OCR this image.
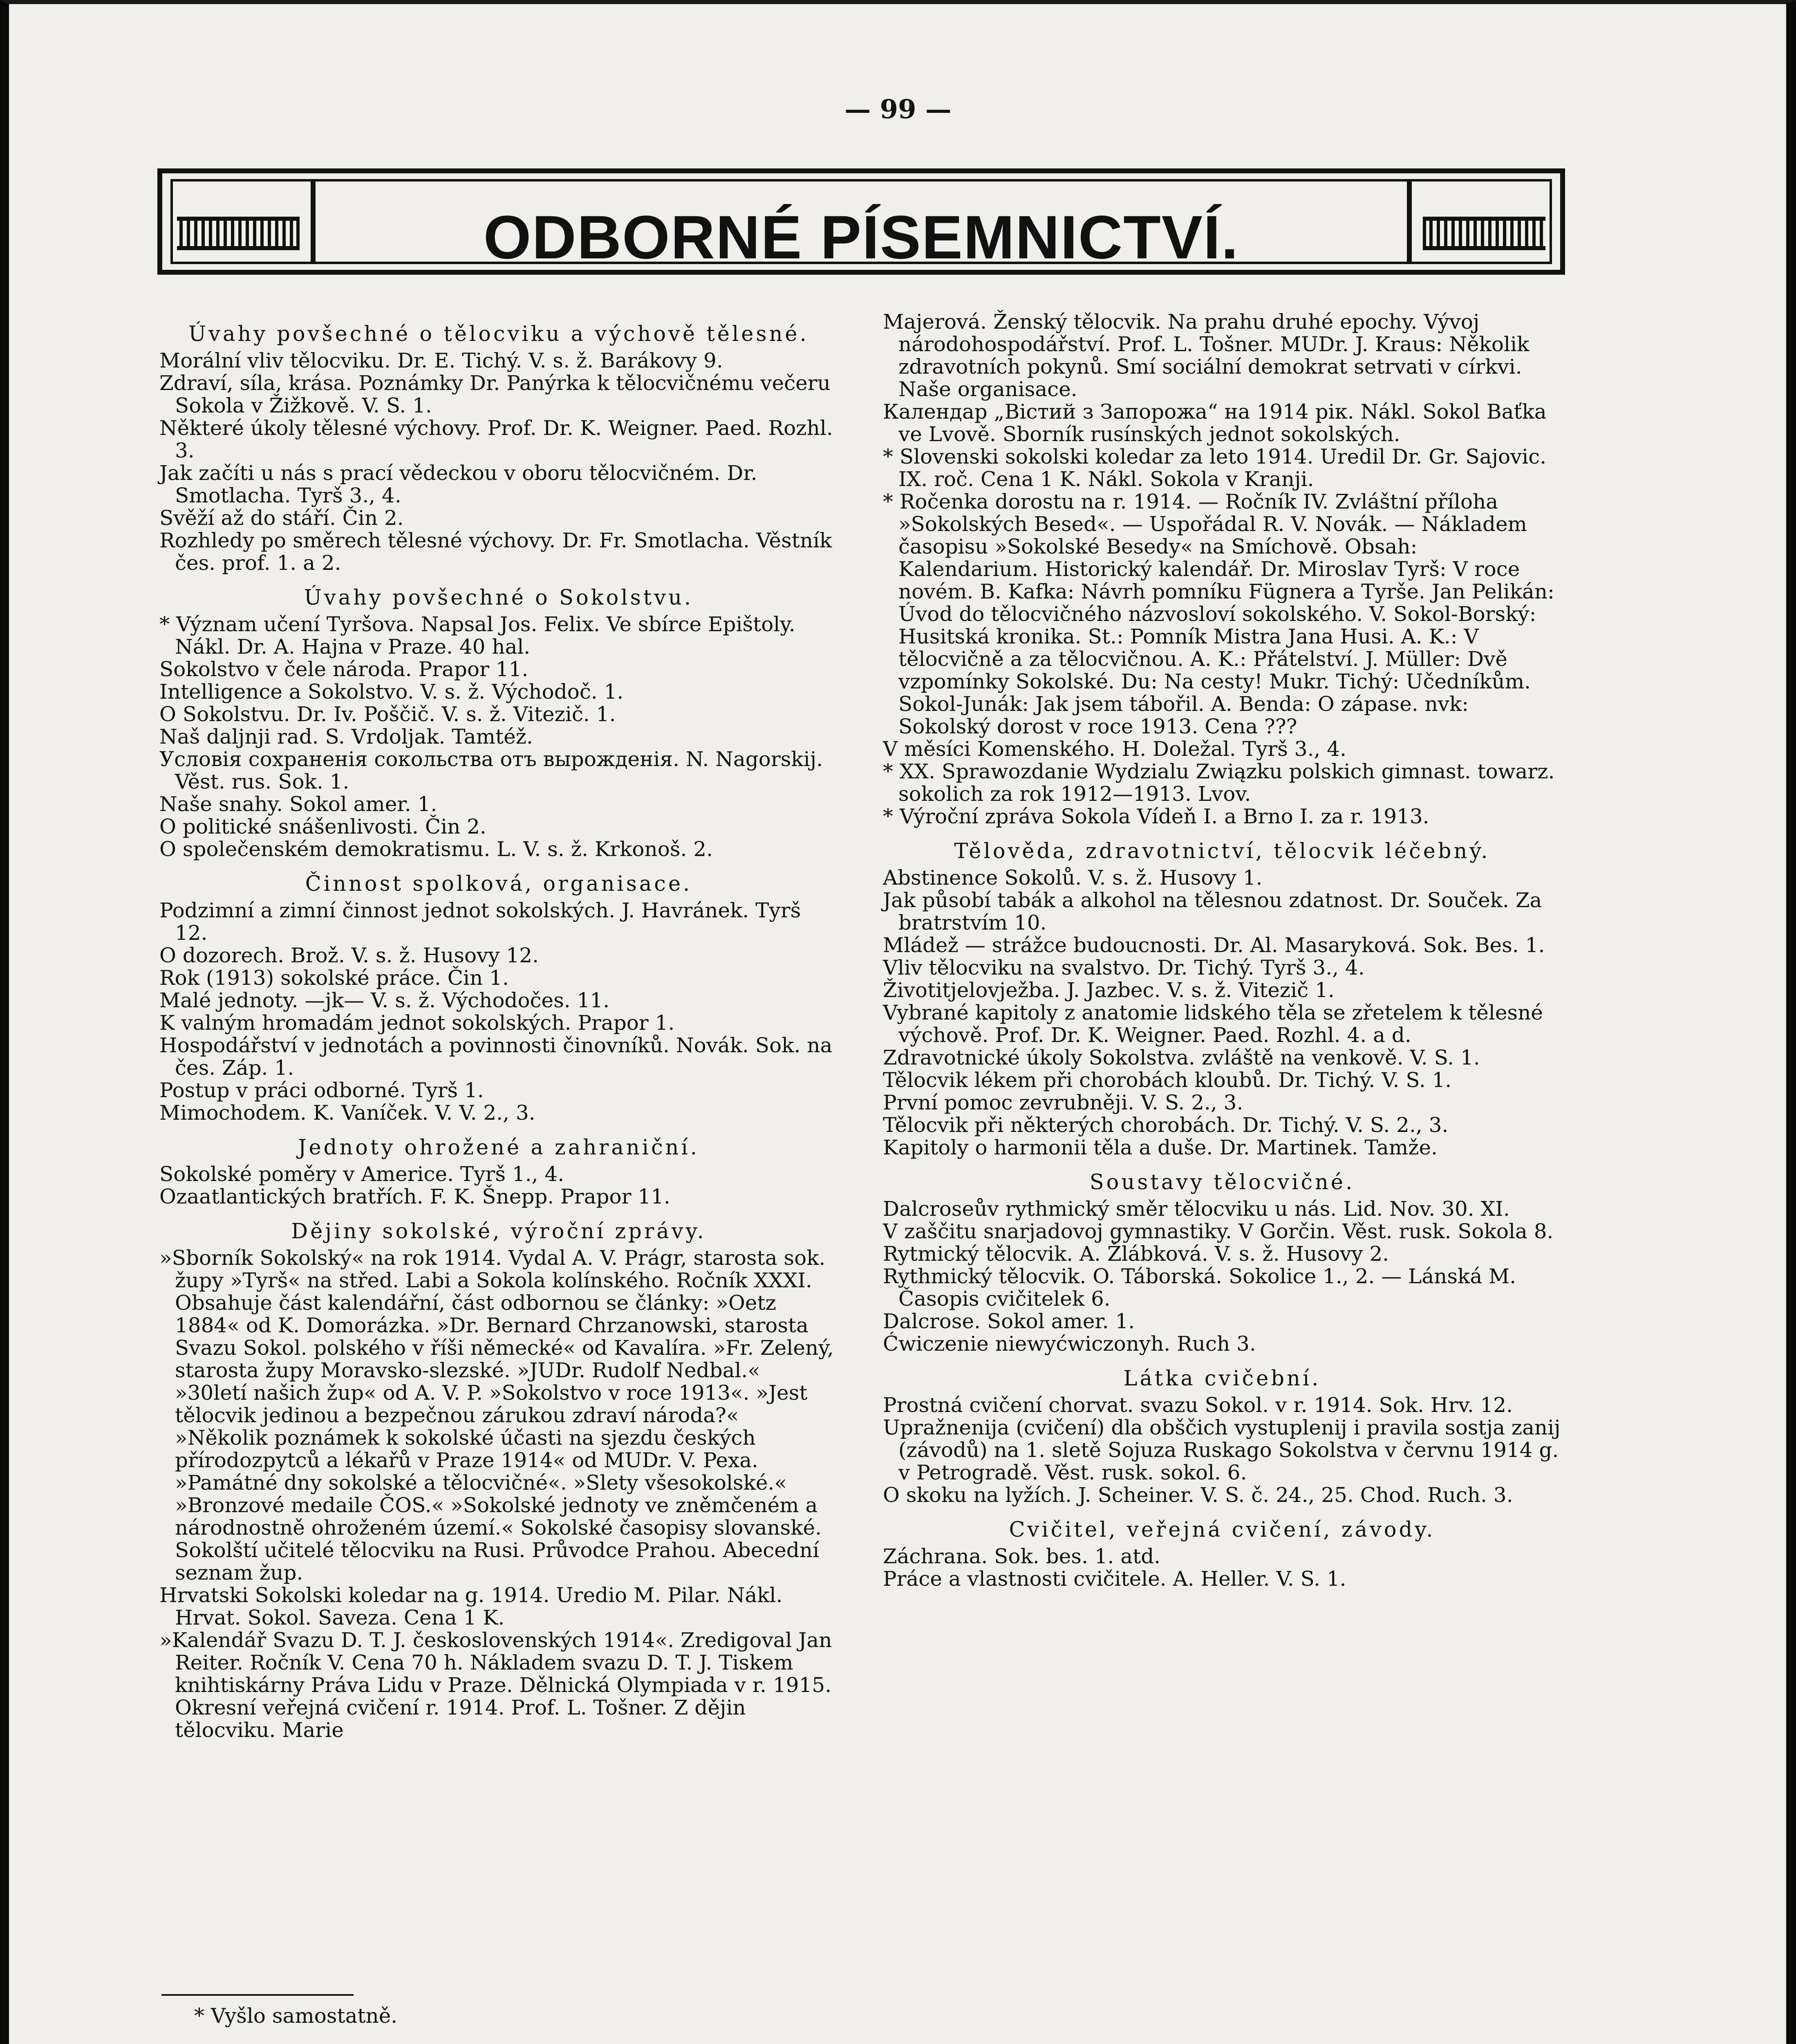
— 99 —
ODBORNÉ PÍSEMNICTVÍ.
Úvahy povšechné o tělocviku a výchově tělesné.
Morální vliv tělocviku. Dr. E. Tichý. V. s. ž. Barákovy 9.
Zdraví, síla, krása. Poznámky Dr. Panýrka k tělocvičnému večeru Sokola v Žižkově. V. S. 1.
Některé úkoly tělesné výchovy. Prof. Dr. K. Weigner. Paed. Rozhl. 3.
Jak začíti u nás s prací vědeckou v oboru tělocvičném. Dr. Smotlacha. Tyrš 3., 4.
Svěží až do stáří. Čin 2.
Rozhledy po směrech tělesné výchovy. Dr. Fr. Smotlacha. Věstník čes. prof. 1. a 2.
Úvahy povšechné o Sokolstvu.
* Význam učení Tyršova. Napsal Jos. Felix. Ve sbírce Epištoly. Nákl. Dr. A. Hajna v Praze. 40 hal.
Sokolstvo v čele národa. Prapor 11.
Intelligence a Sokolstvo. V. s. ž. Východoč. 1.
O Sokolstvu. Dr. Iv. Poščič. V. s. ž. Vitezič. 1.
Naš daljnji rad. S. Vrdoljak. Tamtéž.
Условія сохраненія сокольства отъ вырожденія. N. Nagorskij. Věst. rus. Sok. 1.
Naše snahy. Sokol amer. 1.
O politické snášenlivosti. Čin 2.
O společenském demokratismu. L. V. s. ž. Krkonoš. 2.
Činnost spolková, organisace.
Podzimní a zimní činnost jednot sokolských. J. Havránek. Tyrš 12.
O dozorech. Brož. V. s. ž. Husovy 12.
Rok (1913) sokolské práce. Čin 1.
Malé jednoty. —jk— V. s. ž. Východočes. 11.
K valným hromadám jednot sokolských. Prapor 1.
Hospodářství v jednotách a povinnosti činovníků. Novák. Sok. na čes. Záp. 1.
Postup v práci odborné. Tyrš 1.
Mimochodem. K. Vaníček. V. V. 2., 3.
Jednoty ohrožené a zahraniční.
Sokolské poměry v Americe. Tyrš 1., 4.
Ozaatlantických bratřích. F. K. Šnepp. Prapor 11.
Dějiny sokolské, výroční zprávy.
»Sborník Sokolský« na rok 1914. Vydal A. V. Prágr, starosta sok. župy »Tyrš« na střed. Labi a Sokola kolínského. Ročník XXXI. Obsahuje část kalendářní, část odbornou se články: »Oetz 1884« od K. Domorázka. »Dr. Bernard Chrzanowski, starosta Svazu Sokol. polského v říši německé« od Kavalíra. »Fr. Zelený, starosta župy Moravsko-slezské. »JUDr. Rudolf Nedbal.« »30letí našich žup« od A. V. P. »Sokolstvo v roce 1913«. »Jest tělocvik jedinou a bezpečnou zárukou zdraví národa?« »Několik poznámek k sokolské účasti na sjezdu českých přírodozpytců a lékařů v Praze 1914« od MUDr. V. Pexa. »Památné dny sokolské a tělocvičné«. »Slety všesokolské.« »Bronzové medaile ČOS.« »Sokolské jednoty ve zněmčeném a národnostně ohroženém území.« Sokolské časopisy slovanské. Sokolští učitelé tělocviku na Rusi. Průvodce Prahou. Abecední seznam žup.
Hrvatski Sokolski koledar na g. 1914. Uredio M. Pilar. Nákl. Hrvat. Sokol. Saveza. Cena 1 K.
»Kalendář Svazu D. T. J. československých 1914«. Zredigoval Jan Reiter. Ročník V. Cena 70 h. Nákladem svazu D. T. J. Tiskem knihtiskárny Práva Lidu v Praze. Dělnická Olympiada v r. 1915. Okresní veřejná cvičení r. 1914. Prof. L. Tošner. Z dějin tělocviku. Marie
Majerová. Ženský tělocvik. Na prahu druhé epochy. Vývoj národohospodářství. Prof. L. Tošner. MUDr. J. Kraus: Několik zdravotních pokynů. Smí sociální demokrat setrvati v církvi. Naše organisace.
Календар „Вістий з Запорожа“ на 1914 рік. Nákl. Sokol Baťka ve Lvově. Sborník rusínských jednot sokolských.
* Slovenski sokolski koledar za leto 1914. Uredil Dr. Gr. Sajovic. IX. roč. Cena 1 K. Nákl. Sokola v Kranji.
* Ročenka dorostu na r. 1914. — Ročník IV. Zvláštní příloha »Sokolských Besed«. — Uspořádal R. V. Novák. — Nákladem časopisu »Sokolské Besedy« na Smíchově. Obsah: Kalendarium. Historický kalendář. Dr. Miroslav Tyrš: V roce novém. B. Kafka: Návrh pomníku Fügnera a Tyrše. Jan Pelikán: Úvod do tělocvičného názvosloví sokolského. V. Sokol-Borský: Husitská kronika. St.: Pomník Mistra Jana Husi. A. K.: V tělocvičně a za tělocvičnou. A. K.: Přátelství. J. Müller: Dvě vzpomínky Sokolské. Du: Na cesty! Mukr. Tichý: Učedníkům. Sokol-Junák: Jak jsem tábořil. A. Benda: O zápase. nvk: Sokolský dorost v roce 1913. Cena ???
V měsíci Komenského. H. Doležal. Tyrš 3., 4.
* XX. Sprawozdanie Wydzialu Związku polskich gimnast. towarz. sokolich za rok 1912—1913. Lvov.
* Výroční zpráva Sokola Vídeň I. a Brno I. za r. 1913.
Tělověda, zdravotnictví, tělocvik léčebný.
Abstinence Sokolů. V. s. ž. Husovy 1.
Jak působí tabák a alkohol na tělesnou zdatnost. Dr. Souček. Za bratrstvím 10.
Mládež — strážce budoucnosti. Dr. Al. Masaryková. Sok. Bes. 1.
Vliv tělocviku na svalstvo. Dr. Tichý. Tyrš 3., 4.
Životitjelovježba. J. Jazbec. V. s. ž. Vitezič 1.
Vybrané kapitoly z anatomie lidského těla se zřetelem k tělesné výchově. Prof. Dr. K. Weigner. Paed. Rozhl. 4. a d.
Zdravotnické úkoly Sokolstva. zvláště na venkově. V. S. 1.
Tělocvik lékem při chorobách kloubů. Dr. Tichý. V. S. 1.
První pomoc zevrubněji. V. S. 2., 3.
Tělocvik při některých chorobách. Dr. Tichý. V. S. 2., 3.
Kapitoly o harmonii těla a duše. Dr. Martinek. Tamže.
Soustavy tělocvičné.
Dalcroseův rythmický směr tělocviku u nás. Lid. Nov. 30. XI.
V zaščitu snarjadovoj gymnastiky. V Gorčin. Věst. rusk. Sokola 8.
Rytmický tělocvik. A. Žlábková. V. s. ž. Husovy 2.
Rythmický tělocvik. O. Táborská. Sokolice 1., 2. — Lánská M. Časopis cvičitelek 6.
Dalcrose. Sokol amer. 1.
Ćwiczenie niewyćwiczonyh. Ruch 3.
Látka cvičební.
Prostná cvičení chorvat. svazu Sokol. v r. 1914. Sok. Hrv. 12.
Upražnenija (cvičení) dla obščich vystuplenij i pravila sostja zanij (závodů) na 1. sletě Sojuza Ruskago Sokolstva v červnu 1914 g. v Petrogradě. Věst. rusk. sokol. 6.
O skoku na lyžích. J. Scheiner. V. S. č. 24., 25. Chod. Ruch. 3.
Cvičitel, veřejná cvičení, závody.
Záchrana. Sok. bes. 1. atd.
Práce a vlastnosti cvičitele. A. Heller. V. S. 1.
* Vyšlo samostatně.
